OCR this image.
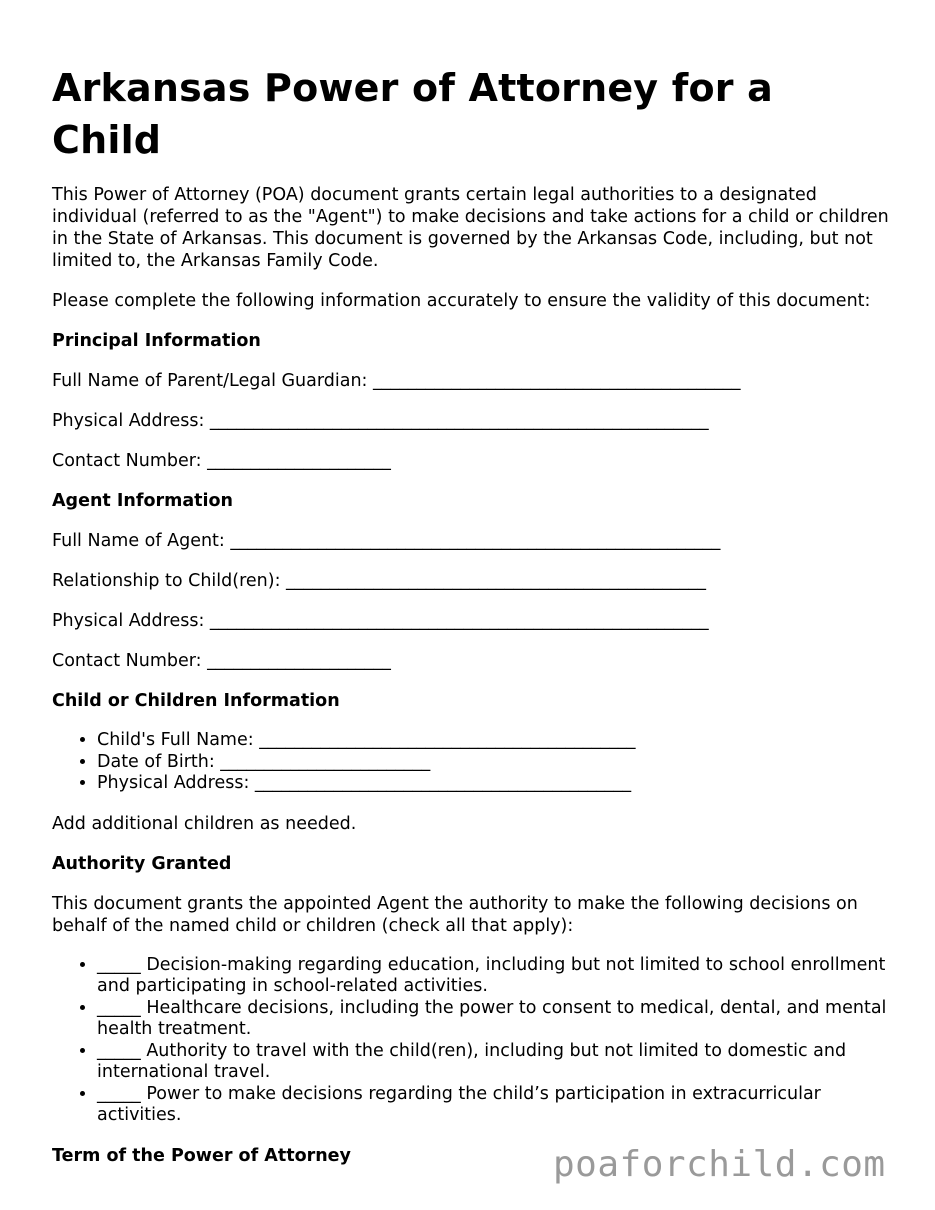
Arkansas Power of Attorney for a Child

This Power of Attorney (POA) document grants certain legal authorities to a designated individual (referred to as the "Agent") to make decisions and take actions for a child or children in the State of Arkansas. This document is governed by the Arkansas Code, including, but not limited to, the Arkansas Family Code.

Please complete the following information accurately to ensure the validity of this document:

Principal Information

Full Name of Parent/Legal Guardian: __________________________________________

Physical Address: _________________________________________________________

Contact Number: _____________________

Agent Information

Full Name of Agent: ________________________________________________________

Relationship to Child(ren): ________________________________________________

Physical Address: _________________________________________________________

Contact Number: _____________________

Child or Children Information
• Child's Full Name: ___________________________________________
• Date of Birth: ________________________
• Physical Address: ___________________________________________

Add additional children as needed.

Authority Granted

This document grants the appointed Agent the authority to make the following decisions on behalf of the named child or children (check all that apply):

• _____ Decision-making regarding education, including but not limited to school enrollment and participating in school-related activities.
• _____ Healthcare decisions, including the power to consent to medical, dental, and mental health treatment.
• _____ Authority to travel with the child(ren), including but not limited to domestic and international travel.
• _____ Power to make decisions regarding the child’s participation in extracurricular activities.
Term of the Power of Attorney	poaforchild.com
